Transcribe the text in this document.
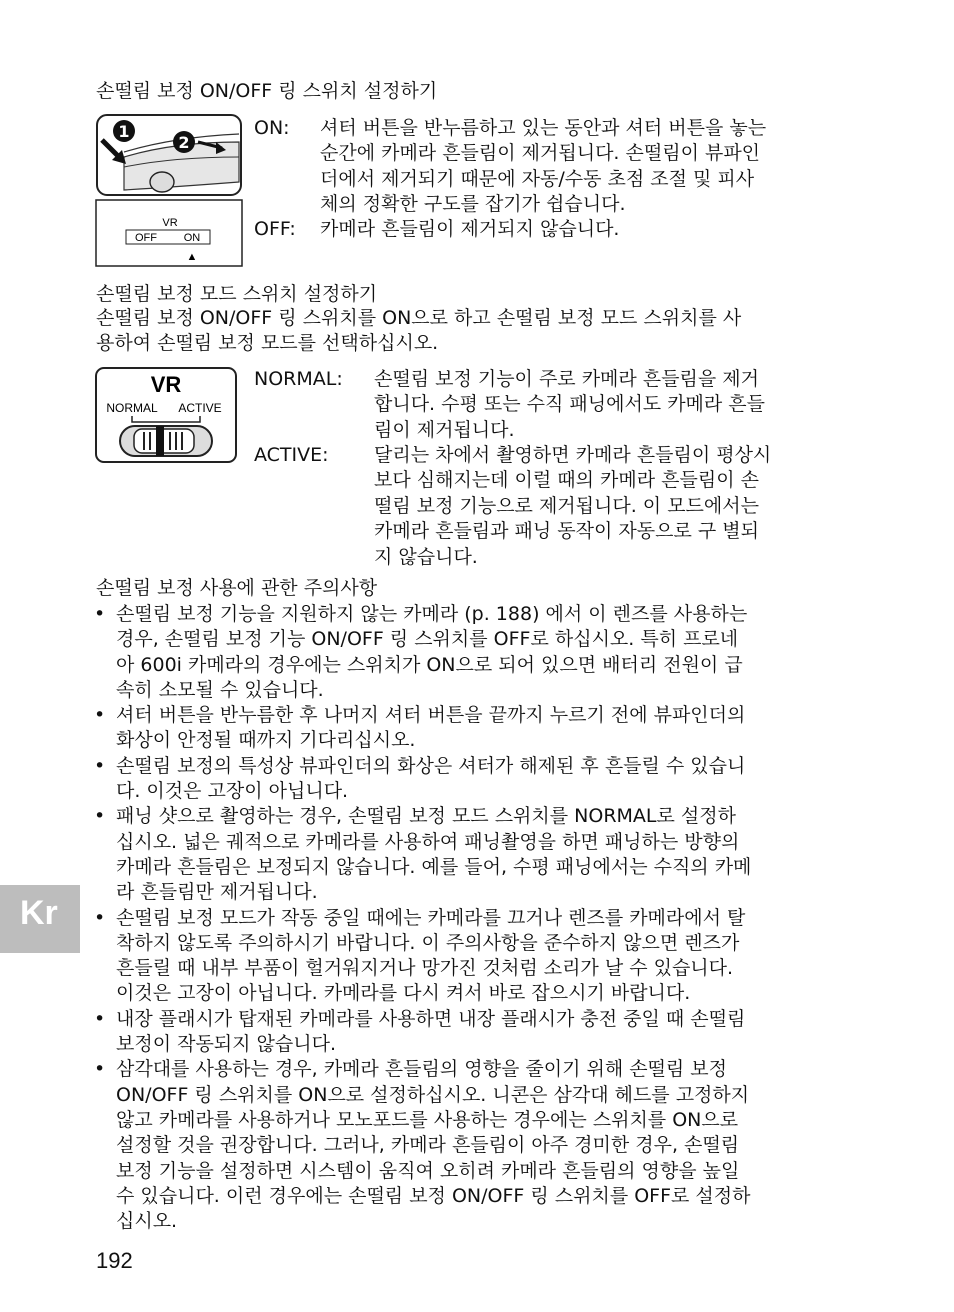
손떨림 보정 ON/OFF 링 스위치 설정하기
1
2
VR
OFF ON
▲
ON: 셔터 버튼을 반누름하고 있는 동안과 셔터 버튼을 놓는
순간에 카메라 흔들림이 제거됩니다. 손떨림이 뷰파인
더에서 제거되기 때문에 자동/수동 초점 조절 및 피사
체의 정확한 구도를 잡기가 쉽습니다.
OFF: 카메라 흔들림이 제거되지 않습니다.
손떨림 보정 모드 스위치 설정하기
손떨림 보정 ON/OFF 링 스위치를 ON으로 하고 손떨림 보정 모드 스위치를 사
용하여 손떨림 보정 모드를 선택하십시오.
VR
NORMAL ACTIVE
NORMAL: 손떨림 보정 기능이 주로 카메라 흔들림을 제거
합니다. 수평 또는 수직 패닝에서도 카메라 흔들
림이 제거됩니다.
ACTIVE: 달리는 차에서 촬영하면 카메라 흔들림이 평상시
보다 심해지는데 이럴 때의 카메라 흔들림이 손
떨림 보정 기능으로 제거됩니다. 이 모드에서는
카메라 흔들림과 패닝 동작이 자동으로 구 별되
지 않습니다.
손떨림 보정 사용에 관한 주의사항
• 손떨림 보정 기능을 지원하지 않는 카메라 (p. 188) 에서 이 렌즈를 사용하는
경우, 손떨림 보정 기능 ON/OFF 링 스위치를 OFF로 하십시오. 특히 프로네
아 600i 카메라의 경우에는 스위치가 ON으로 되어 있으면 배터리 전원이 급
속히 소모될 수 있습니다.
• 셔터 버튼을 반누름한 후 나머지 셔터 버튼을 끝까지 누르기 전에 뷰파인더의
화상이 안정될 때까지 기다리십시오.
• 손떨림 보정의 특성상 뷰파인더의 화상은 셔터가 해제된 후 흔들릴 수 있습니
다. 이것은 고장이 아닙니다.
• 패닝 샷으로 촬영하는 경우, 손떨림 보정 모드 스위치를 NORMAL로 설정하
십시오. 넓은 궤적으로 카메라를 사용하여 패닝촬영을 하면 패닝하는 방향의
카메라 흔들림은 보정되지 않습니다. 예를 들어, 수평 패닝에서는 수직의 카메
라 흔들림만 제거됩니다.
• 손떨림 보정 모드가 작동 중일 때에는 카메라를 끄거나 렌즈를 카메라에서 탈
착하지 않도록 주의하시기 바랍니다. 이 주의사항을 준수하지 않으면 렌즈가
흔들릴 때 내부 부품이 헐거워지거나 망가진 것처럼 소리가 날 수 있습니다.
이것은 고장이 아닙니다. 카메라를 다시 켜서 바로 잡으시기 바랍니다.
• 내장 플래시가 탑재된 카메라를 사용하면 내장 플래시가 충전 중일 때 손떨림
보정이 작동되지 않습니다.
• 삼각대를 사용하는 경우, 카메라 흔들림의 영향을 줄이기 위해 손떨림 보정
ON/OFF 링 스위치를 ON으로 설정하십시오. 니콘은 삼각대 헤드를 고정하지
않고 카메라를 사용하거나 모노포드를 사용하는 경우에는 스위치를 ON으로
설정할 것을 권장합니다. 그러나, 카메라 흔들림이 아주 경미한 경우, 손떨림
보정 기능을 설정하면 시스템이 움직여 오히려 카메라 흔들림의 영향을 높일
수 있습니다. 이런 경우에는 손떨림 보정 ON/OFF 링 스위치를 OFF로 설정하
십시오.
Kr
192
